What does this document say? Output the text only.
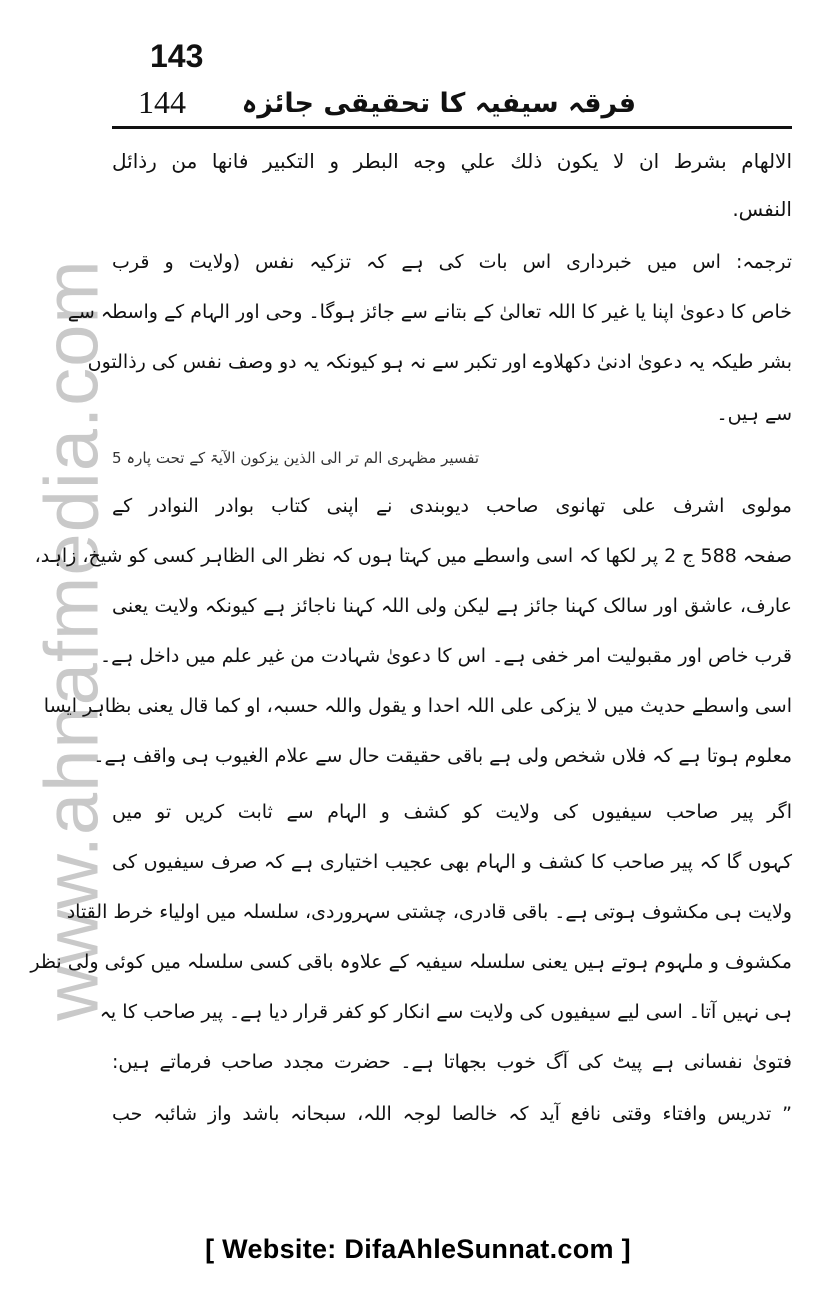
www.ahnafmedia.com
143
144 فرقہ سیفیہ کا تحقیقی جائزہ
الالهام بشرط ان لا يكون ذلك علي وجه البطر و التكبير فانها من رذائل
النفس.
ترجمہ: اس میں خبرداری اس بات کی ہے کہ تزکیہ نفس (ولایت و قرب
خاص کا دعویٰ اپنا یا غیر کا اللہ تعالیٰ کے بتانے سے جائز ہوگا۔ وحی اور الہام کے واسطہ سے
بشر طیکہ یہ دعویٰ ادنیٰ دکھلاوے اور تکبر سے نہ ہو کیونکہ یہ دو وصف نفس کی رذالتوں
سے ہیں۔
تفسیر مظہری الم تر الی الذین یزکون الآیۃ کے تحت پارہ 5
مولوی اشرف علی تھانوی صاحب دیوبندی نے اپنی کتاب بوادر النوادر کے
صفحہ 588 ج 2 پر لکھا کہ اسی واسطے میں کہتا ہوں کہ نظر الی الظاہر کسی کو شیخ، زاہد،
عارف، عاشق اور سالک کہنا جائز ہے لیکن ولی اللہ کہنا ناجائز ہے کیونکہ ولایت یعنی
قرب خاص اور مقبولیت امر خفی ہے۔ اس کا دعویٰ شہادت من غیر علم میں داخل ہے۔
اسی واسطے حدیث میں لا یزکی علی اللہ احدا و یقول واللہ حسبہ، او کما قال یعنی بظاہر ایسا
معلوم ہوتا ہے کہ فلاں شخص ولی ہے باقی حقیقت حال سے علام الغیوب ہی واقف ہے۔
اگر پیر صاحب سیفیوں کی ولایت کو کشف و الہام سے ثابت کریں تو میں
کہوں گا کہ پیر صاحب کا کشف و الہام بھی عجیب اختیاری ہے کہ صرف سیفیوں کی
ولایت ہی مکشوف ہوتی ہے۔ باقی قادری، چشتی سہروردی، سلسلہ میں اولیاء خرط القتاد
مکشوف و ملہوم ہوتے ہیں یعنی سلسلہ سیفیہ کے علاوہ باقی کسی سلسلہ میں کوئی ولی نظر
ہی نہیں آتا۔ اسی لیے سیفیوں کی ولایت سے انکار کو کفر قرار دیا ہے۔ پیر صاحب کا یہ
فتویٰ نفسانی ہے پیٹ کی آگ خوب بجھاتا ہے۔ حضرت مجدد صاحب فرماتے ہیں:
” تدریس وافتاء وقتی نافع آید کہ خالصا لوجہ اللہ، سبحانہ باشد واز شائبہ حب
[ Website: DifaAhleSunnat.com ]
